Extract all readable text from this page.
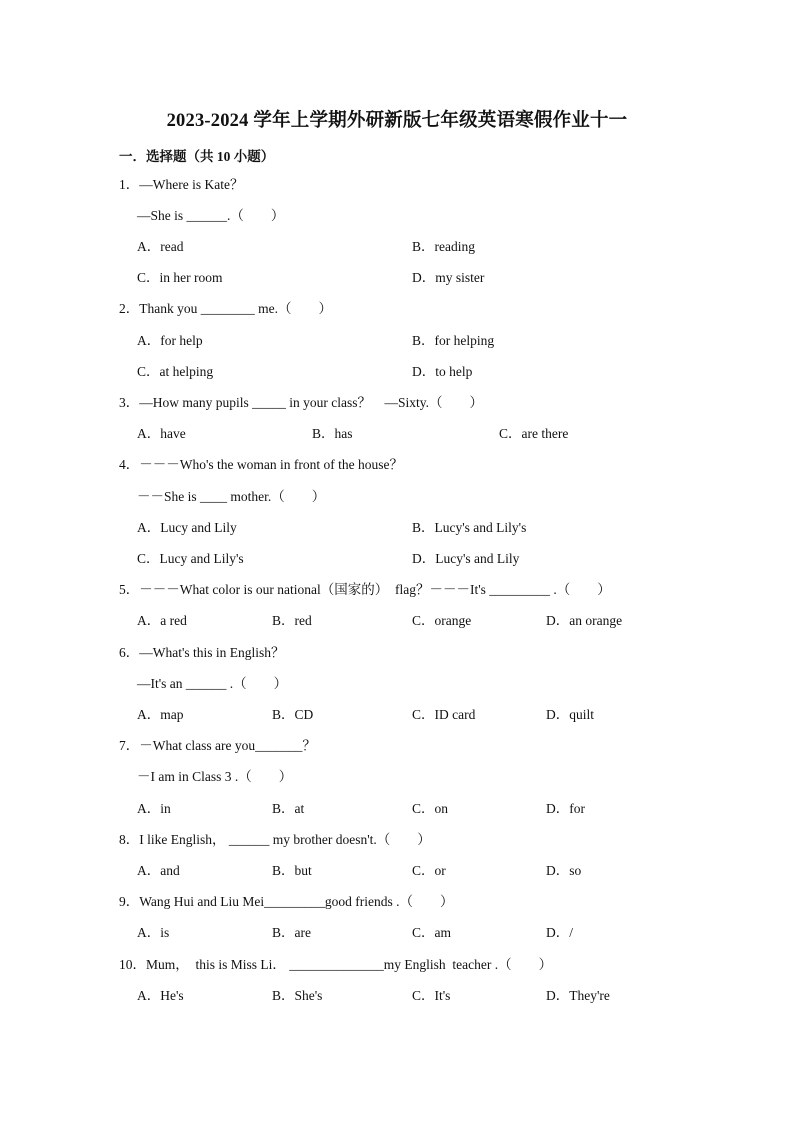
2023-2024 学年上学期外研新版七年级英语寒假作业十一
一．选择题（共 10 小题）
1．—Where is Kate？
—She is ______.（　　）
A．read	B．reading
C．in her room	D．my sister
2．Thank you ________ me.（　　）
A．for help	B．for helping
C．at helping	D．to help
3．—How many pupils _____ in your class？　—Sixty.（　　）
A．have	B．has	C．are there
4．－－－Who's the woman in front of the house？
－－She is ____ mother.（　　）
A．Lucy and Lily	B．Lucy's and Lily's
C．Lucy and Lily's	D．Lucy's and Lily
5．－－－What color is our national（国家的）  flag？－－－It's _________ .（　　）
A．a red	B．red	C．orange	D．an orange
6．—What's this in English？
—It's an ______ .（　　）
A．map	B．CD	C．ID card	D．quilt
7．－What class are you_______？
－I am in Class 3 .（　　）
A．in	B．at	C．on	D．for
8．I like English， ______ my brother doesn't.（　　）
A．and	B．but	C．or	D．so
9．Wang Hui and Liu Mei_________good friends .（　　）
A．is	B．are	C．am	D．/
10．Mum，  this is Miss Li． ______________my English  teacher .（　　）
A．He's	B．She's	C．It's	D．They're
